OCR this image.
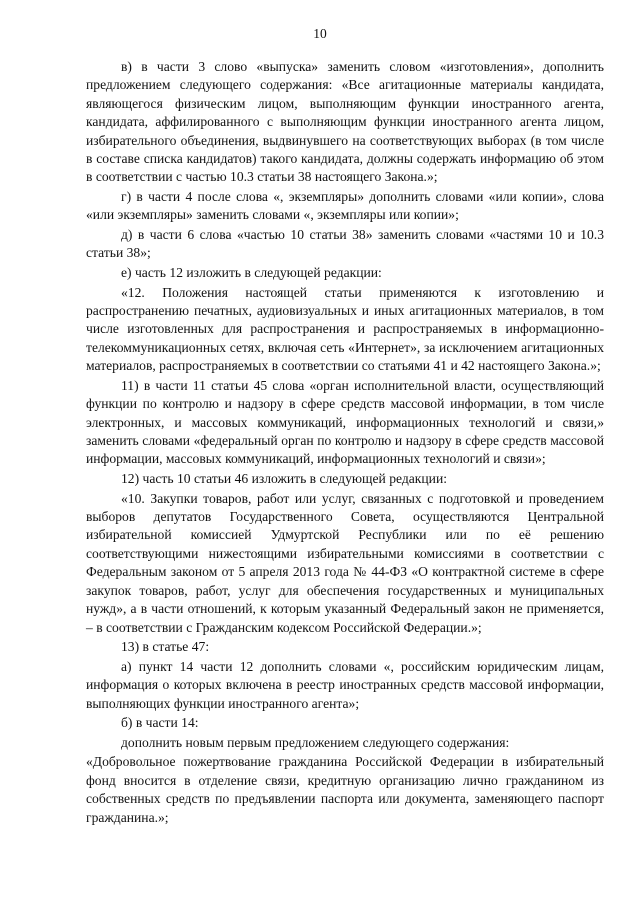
10

в) в части 3 слово «выпуска» заменить словом «изготовления», дополнить предложением следующего содержания: «Все агитационные материалы кандидата, являющегося физическим лицом, выполняющим функции иностранного агента, кандидата, аффилированного с выполняющим функции иностранного агента лицом, избирательного объединения, выдвинувшего на соответствующих выборах (в том числе в составе списка кандидатов) такого кандидата, должны содержать информацию об этом в соответствии с частью 10.3 статьи 38 настоящего Закона.»;

г) в части 4 после слова «, экземпляры» дополнить словами «или копии», слова «или экземпляры» заменить словами «, экземпляры или копии»;

д) в части 6 слова «частью 10 статьи 38» заменить словами «частями 10 и 10.3 статьи 38»;

е) часть 12 изложить в следующей редакции:

«12. Положения настоящей статьи применяются к изготовлению и распространению печатных, аудиовизуальных и иных агитационных материалов, в том числе изготовленных для распространения и распространяемых в информационно-телекоммуникационных сетях, включая сеть «Интернет», за исключением агитационных материалов, распространяемых в соответствии со статьями 41 и 42 настоящего Закона.»;

11) в части 11 статьи 45 слова «орган исполнительной власти, осуществляющий функции по контролю и надзору в сфере средств массовой информации, в том числе электронных, и массовых коммуникаций, информационных технологий и связи,» заменить словами «федеральный орган по контролю и надзору в сфере средств массовой информации, массовых коммуникаций, информационных технологий и связи»;

12) часть 10 статьи 46 изложить в следующей редакции:

«10. Закупки товаров, работ или услуг, связанных с подготовкой и проведением выборов депутатов Государственного Совета, осуществляются Центральной избирательной комиссией Удмуртской Республики или по её решению соответствующими нижестоящими избирательными комиссиями в соответствии с Федеральным законом от 5 апреля 2013 года № 44-ФЗ «О контрактной системе в сфере закупок товаров, работ, услуг для обеспечения государственных и муниципальных нужд», а в части отношений, к которым указанный Федеральный закон не применяется, – в соответствии с Гражданским кодексом Российской Федерации.»;

13) в статье 47:

а) пункт 14 части 12 дополнить словами «, российским юридическим лицам, информация о которых включена в реестр иностранных средств массовой информации, выполняющих функции иностранного агента»;

б) в части 14:

дополнить новым первым предложением следующего содержания:

«Добровольное пожертвование гражданина Российской Федерации в избирательный фонд вносится в отделение связи, кредитную организацию лично гражданином из собственных средств по предъявлении паспорта или документа, заменяющего паспорт гражданина.»;
